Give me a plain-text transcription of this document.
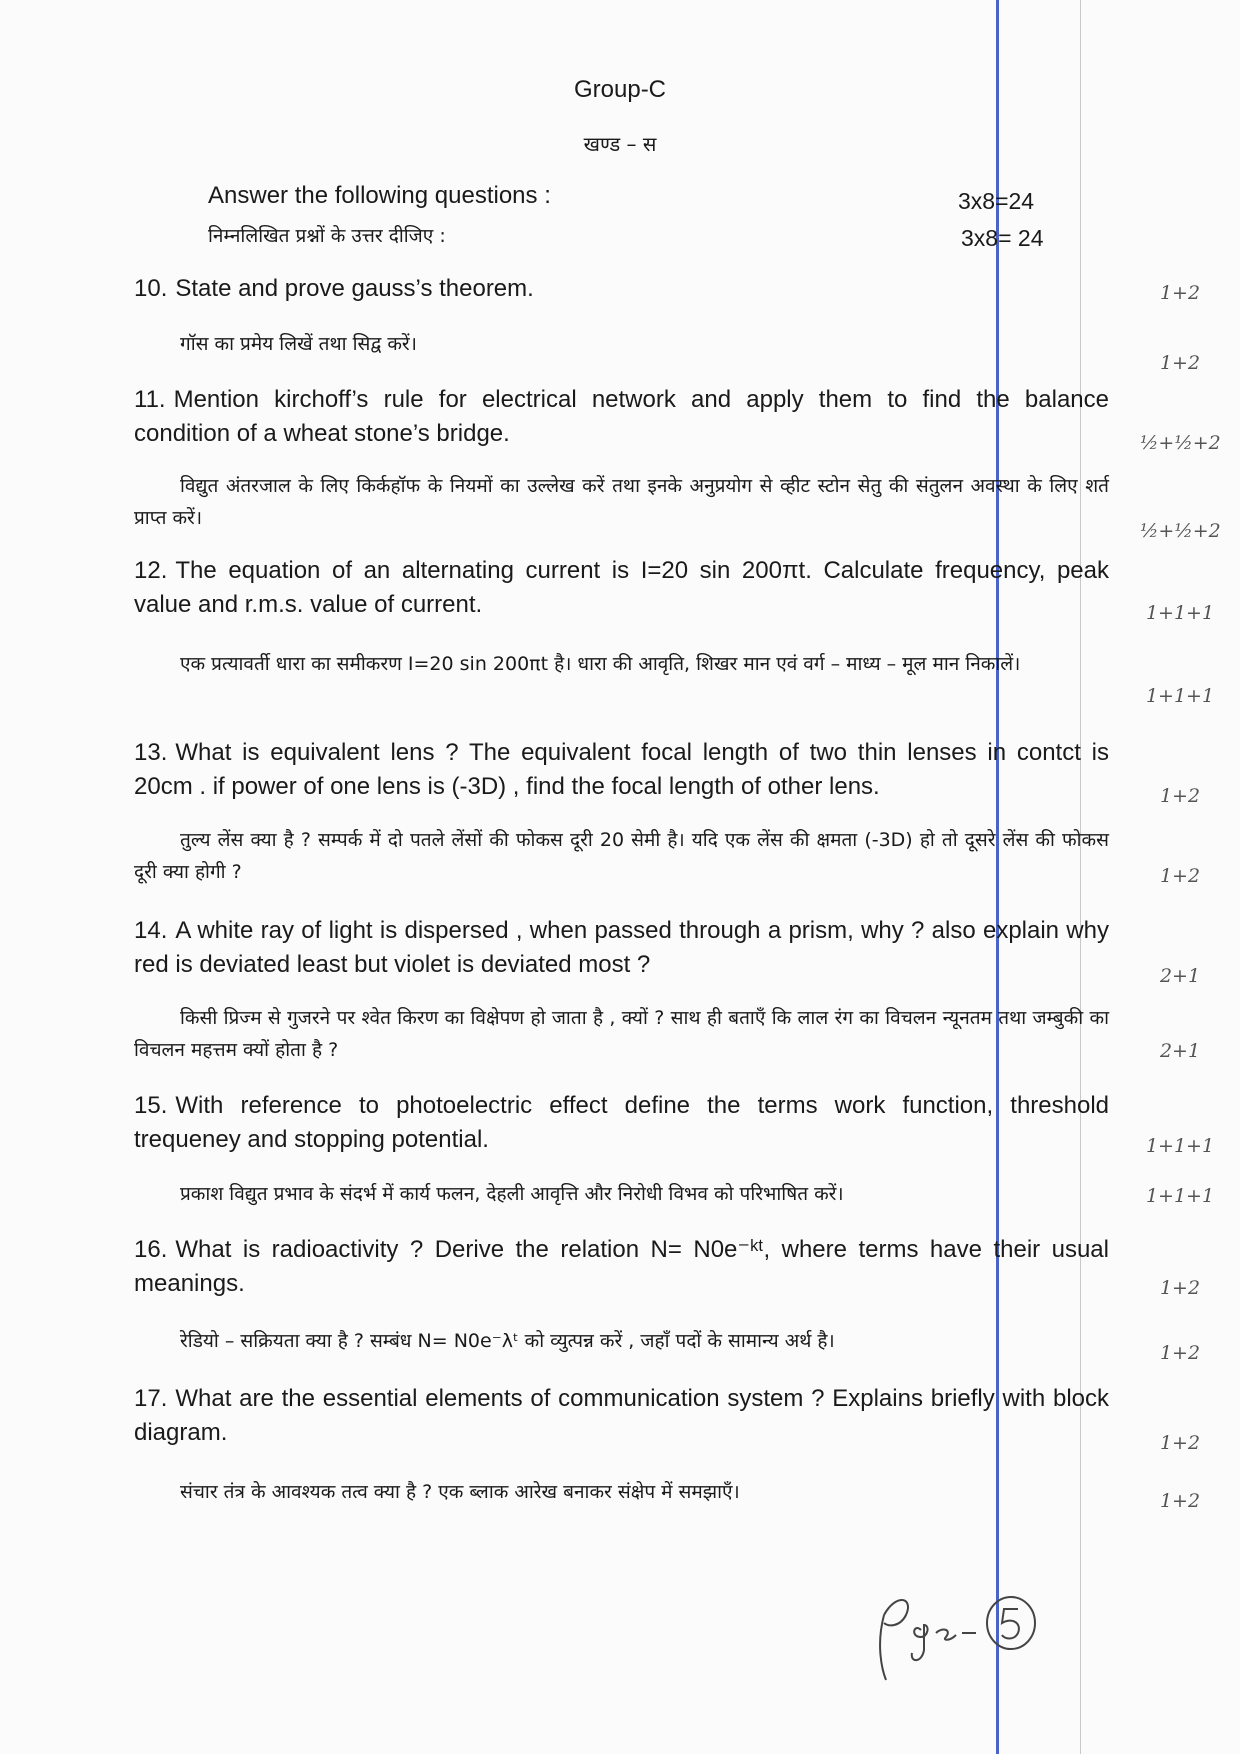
Group-C
खण्ड – स
Answer the following questions :
निम्नलिखित प्रश्नों के उत्तर दीजिए :
3x8=24
3x8= 24
10. State and prove gauss’s theorem.
गॉस का प्रमेय लिखें तथा सिद्व करें।
1+2
1+2
11. Mention kirchoff’s rule for electrical network and apply them to find the balance condition of a wheat stone’s bridge.
विद्युत अंतरजाल के लिए किर्कहॉफ के नियमों का उल्लेख करें तथा इनके अनुप्रयोग से व्हीट स्टोन सेतु की संतुलन अवस्था के लिए शर्त प्राप्त करें।
½+½+2
½+½+2
12. The equation of an alternating current is I=20 sin 200πt. Calculate frequency, peak value and r.m.s. value of current.
एक प्रत्यावर्ती धारा का समीकरण I=20 sin 200πt है। धारा की आवृति, शिखर मान एवं वर्ग – माध्य – मूल मान निकालें।
1+1+1
1+1+1
13. What is equivalent lens ? The equivalent focal length of two thin lenses in contct is 20cm . if power of one lens is (-3D) , find the focal length of other lens.
तुल्य लेंस क्या है ? सम्पर्क में दो पतले लेंसों की फोकस दूरी 20 सेमी है। यदि एक लेंस की क्षमता (-3D) हो तो दूसरे लेंस की फोकस दूरी क्या होगी ?
1+2
1+2
14. A white ray of light is dispersed , when passed through a prism, why ? also explain why red is deviated least but violet is deviated most ?
किसी प्रिज्म से गुजरने पर श्वेत किरण का विक्षेपण हो जाता है , क्यों ? साथ ही बताएँ कि लाल रंग का विचलन न्यूनतम तथा जम्बुकी का विचलन महत्तम क्यों होता है ?
2+1
2+1
15. With reference to photoelectric effect define the terms work function, threshold trequeney and stopping potential.
प्रकाश विद्युत प्रभाव के संदर्भ में कार्य फलन, देहली आवृत्ति और निरोधी विभव को परिभाषित करें।
1+1+1
1+1+1
16. What is radioactivity ? Derive the relation N= N0e⁻ᵏᵗ, where terms have their usual meanings.
रेडियो – सक्रियता क्या है ? सम्बंध N= N0e⁻λᵗ को व्युत्पन्न करें , जहाँ पदों के सामान्य अर्थ है।
1+2
1+2
17. What are the essential elements of communication system ? Explains briefly with block diagram.
संचार तंत्र के आवश्यक तत्व क्या है ? एक ब्लाक आरेख बनाकर संक्षेप में समझाएँ।
1+2
1+2
